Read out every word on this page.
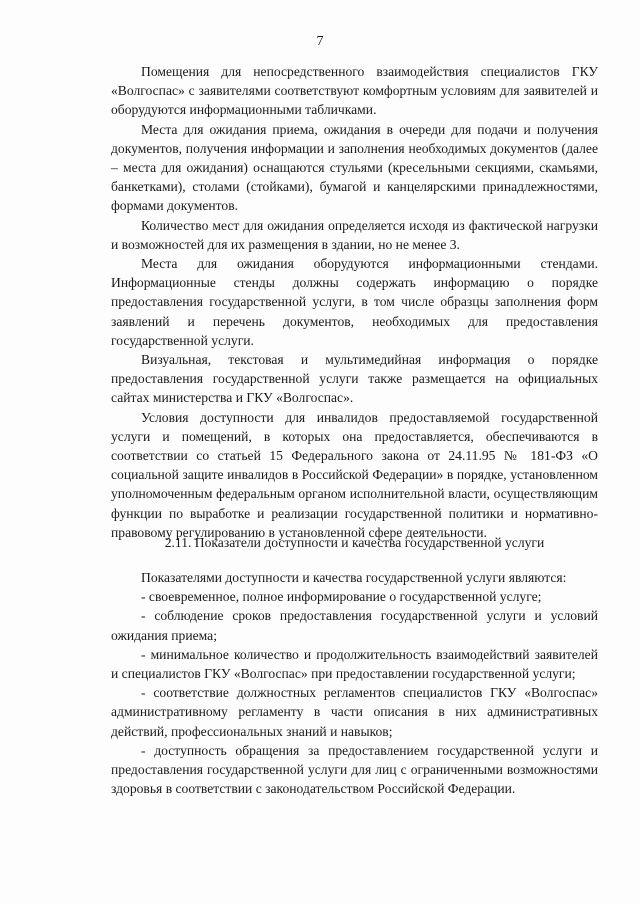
7

Помещения для непосредственного взаимодействия специалистов ГКУ «Волгоспас» с заявителями соответствуют комфортным условиям для заявителей и оборудуются информационными табличками.

Места для ожидания приема, ожидания в очереди для подачи и получения документов, получения информации и заполнения необходимых документов (далее – места для ожидания) оснащаются стульями (кресельными секциями, скамьями, банкетками), столами (стойками), бумагой и канцелярскими принадлежностями, формами документов.

Количество мест для ожидания определяется исходя из фактической нагрузки и возможностей для их размещения в здании, но не менее 3.

Места для ожидания оборудуются информационными стендами. Информационные стенды должны содержать информацию о порядке предоставления государственной услуги, в том числе образцы заполнения форм заявлений и перечень документов, необходимых для предоставления государственной услуги.

Визуальная, текстовая и мультимедийная информация о порядке предоставления государственной услуги также размещается на официальных сайтах министерства и ГКУ «Волгоспас».

Условия доступности для инвалидов предоставляемой государственной услуги и помещений, в которых она предоставляется, обеспечиваются в соответствии со статьей 15 Федерального закона от 24.11.95 № 181-ФЗ «О социальной защите инвалидов в Российской Федерации» в порядке, установленном уполномоченным федеральным органом исполнительной власти, осуществляющим функции по выработке и реализации государственной политики и нормативно-правовому регулированию в установленной сфере деятельности.

2.11. Показатели доступности и качества государственной услуги

Показателями доступности и качества государственной услуги являются:

- своевременное, полное информирование о государственной услуге;

- соблюдение сроков предоставления государственной услуги и условий ожидания приема;

- минимальное количество и продолжительность взаимодействий заявителей и специалистов ГКУ «Волгоспас» при предоставлении государственной услуги;

- соответствие должностных регламентов специалистов ГКУ «Волгоспас» административному регламенту в части описания в них административных действий, профессиональных знаний и навыков;

- доступность обращения за предоставлением государственной услуги и предоставления государственной услуги для лиц с ограниченными возможностями здоровья в соответствии с законодательством Российской Федерации.
